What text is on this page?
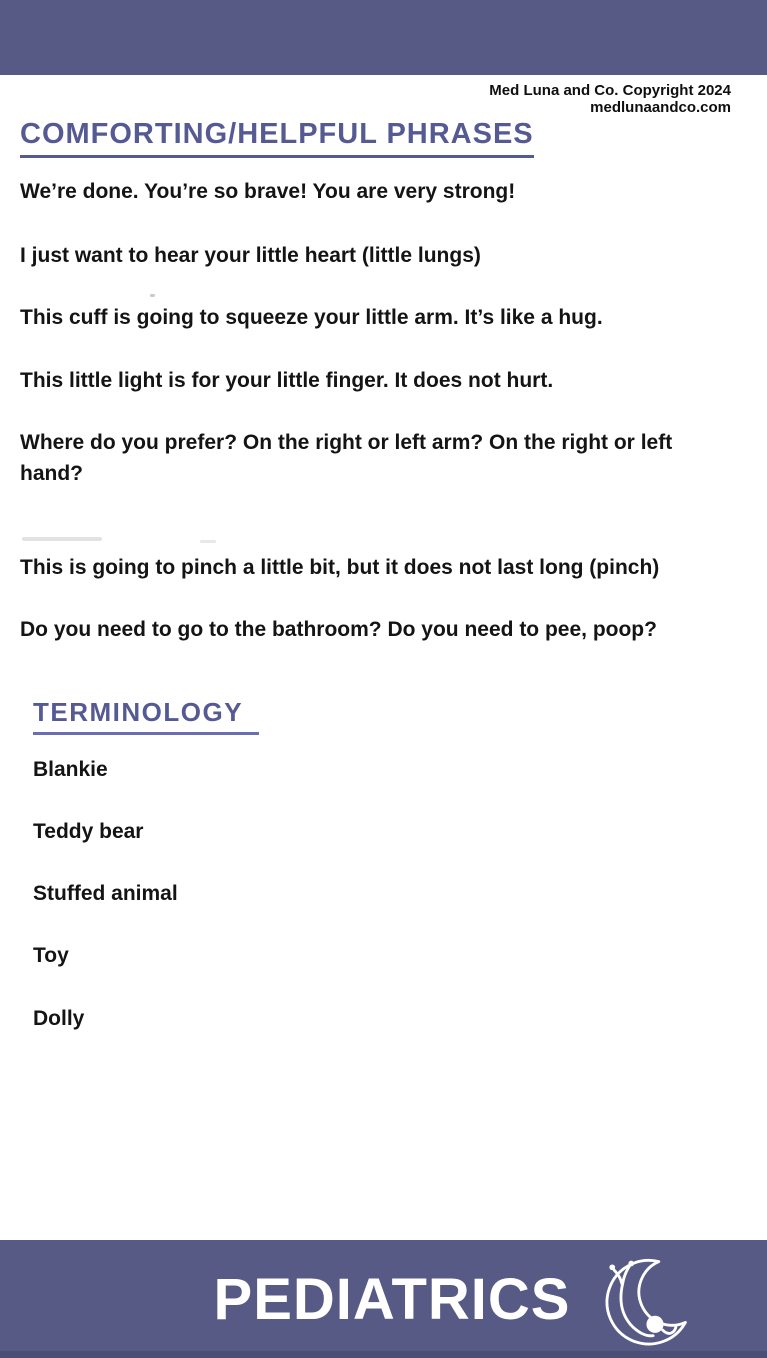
Med Luna and Co. Copyright 2024
medlunaandco.com
COMFORTING/HELPFUL PHRASES
We’re done. You’re so brave! You are very strong!
I just want to hear your little heart (little lungs)
This cuff is going to squeeze your little arm. It’s like a hug.
This little light is for your little finger. It does not hurt.
Where do you prefer? On the right or left arm? On the right or left hand?
This is going to pinch a little bit, but it does not last long (pinch)
Do you need to go to the bathroom? Do you need to pee, poop?
TERMINOLOGY
Blankie
Teddy bear
Stuffed animal
Toy
Dolly
PEDIATRICS
